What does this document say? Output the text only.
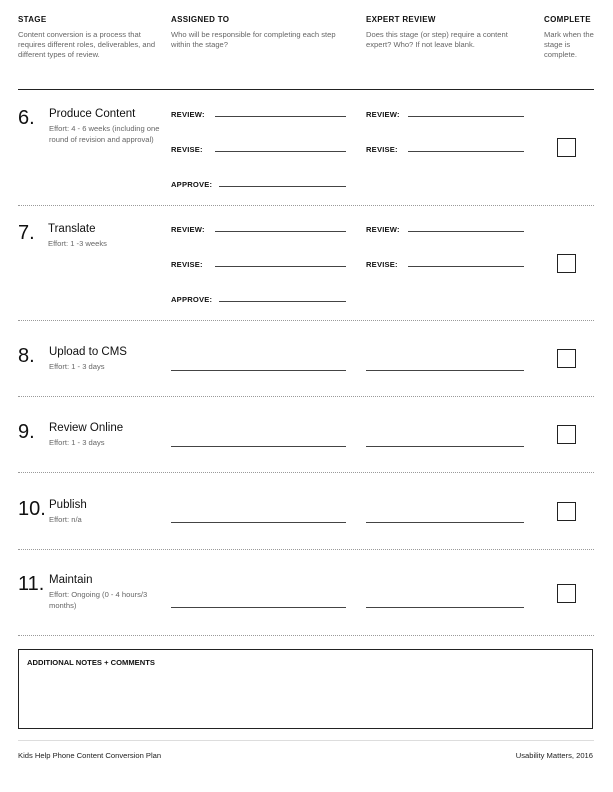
STAGE
Content conversion is a process that requires different roles, deliverables, and different types of review.
ASSIGNED TO
Who will be responsible for completing each step within the stage?
EXPERT REVIEW
Does this stage (or step) require a content expert? Who? If not leave blank.
COMPLETE
Mark when the stage is complete.
6. Produce Content
Effort: 4 - 6 weeks (including one round of revision and approval)
REVIEW:
REVISE:
APPROVE:
REVIEW:
REVISE:
7. Translate
Effort: 1 -3 weeks
REVIEW:
REVISE:
APPROVE:
REVIEW:
REVISE:
8. Upload to CMS
Effort: 1 - 3 days
9. Review Online
Effort: 1 - 3 days
10. Publish
Effort: n/a
11. Maintain
Effort: Ongoing (0 - 4 hours/3 months)
ADDITIONAL NOTES + COMMENTS
Kids Help Phone Content Conversion Plan	Usability Matters, 2016
